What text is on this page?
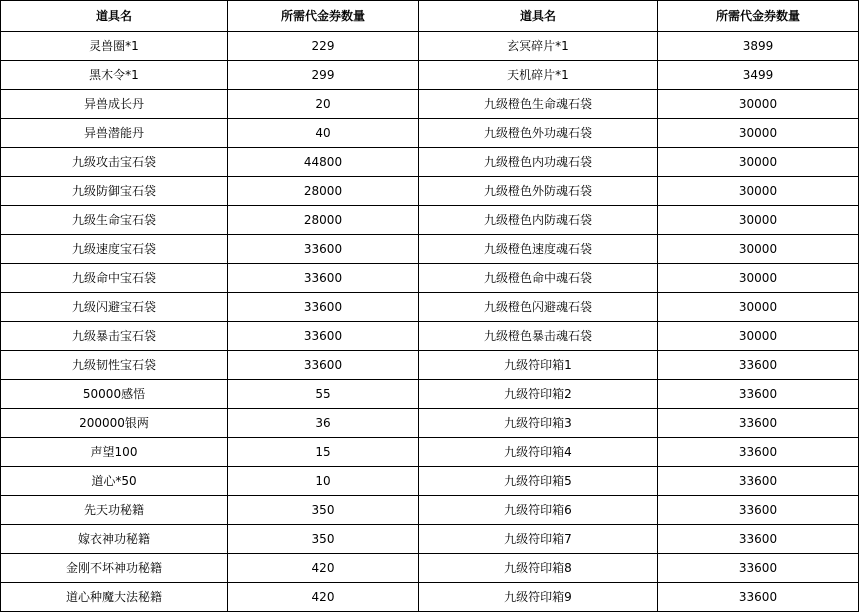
道具名	所需代金券数量	道具名	所需代金券数量
灵兽圈*1	229	玄冥碎片*1	3899
黑木令*1	299	天机碎片*1	3499
异兽成长丹	20	九级橙色生命魂石袋	30000
异兽潜能丹	40	九级橙色外功魂石袋	30000
九级攻击宝石袋	44800	九级橙色内功魂石袋	30000
九级防御宝石袋	28000	九级橙色外防魂石袋	30000
九级生命宝石袋	28000	九级橙色内防魂石袋	30000
九级速度宝石袋	33600	九级橙色速度魂石袋	30000
九级命中宝石袋	33600	九级橙色命中魂石袋	30000
九级闪避宝石袋	33600	九级橙色闪避魂石袋	30000
九级暴击宝石袋	33600	九级橙色暴击魂石袋	30000
九级韧性宝石袋	33600	九级符印箱1	33600
50000感悟	55	九级符印箱2	33600
200000银两	36	九级符印箱3	33600
声望100	15	九级符印箱4	33600
道心*50	10	九级符印箱5	33600
先天功秘籍	350	九级符印箱6	33600
嫁衣神功秘籍	350	九级符印箱7	33600
金刚不坏神功秘籍	420	九级符印箱8	33600
道心种魔大法秘籍	420	九级符印箱9	33600
